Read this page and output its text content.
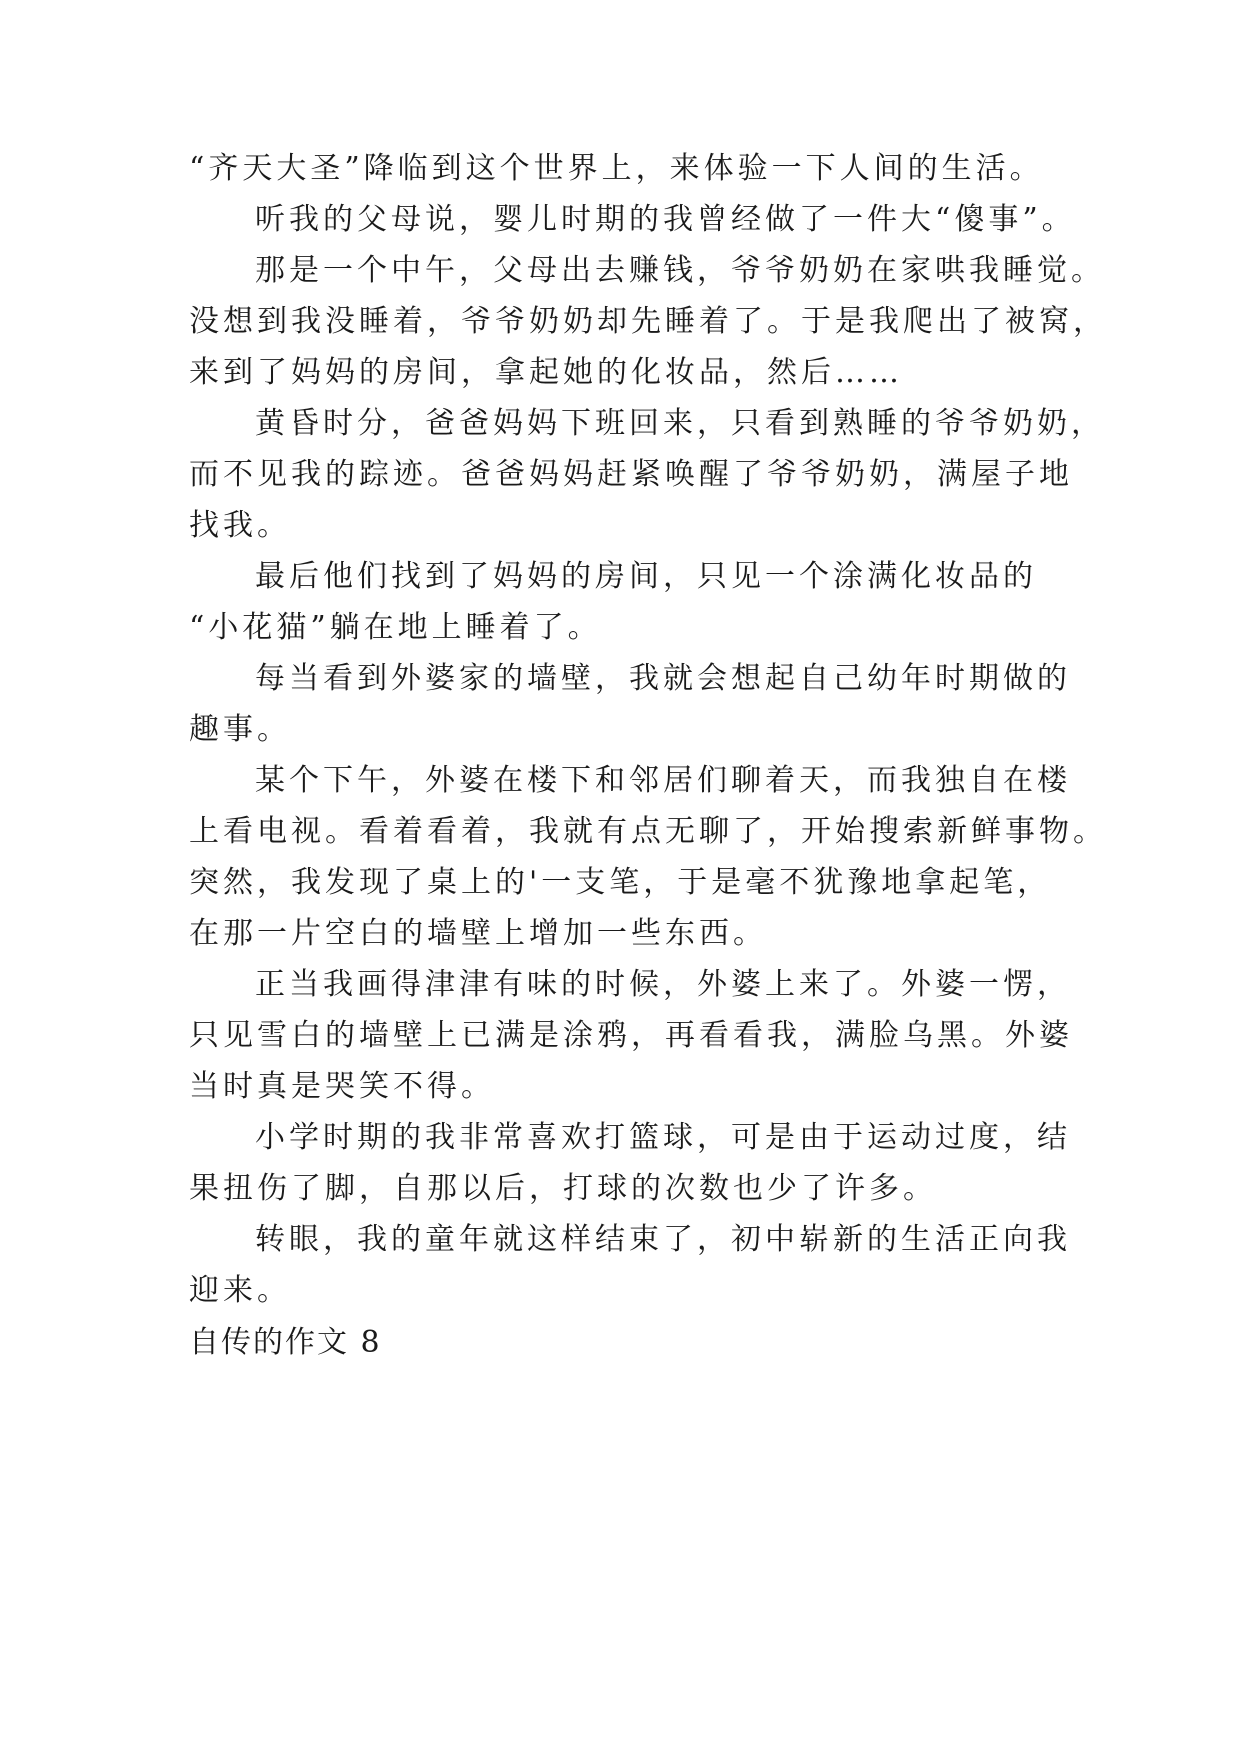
“齐天大圣”降临到这个世界上，来体验一下人间的生活。
听我的父母说，婴儿时期的我曾经做了一件大“傻事”。
那是一个中午，父母出去赚钱，爷爷奶奶在家哄我睡觉。
没想到我没睡着，爷爷奶奶却先睡着了。于是我爬出了被窝，
来到了妈妈的房间，拿起她的化妆品，然后……
黄昏时分，爸爸妈妈下班回来，只看到熟睡的爷爷奶奶，
而不见我的踪迹。爸爸妈妈赶紧唤醒了爷爷奶奶，满屋子地
找我。
最后他们找到了妈妈的房间，只见一个涂满化妆品的
“小花猫”躺在地上睡着了。
每当看到外婆家的墙壁，我就会想起自己幼年时期做的
趣事。
某个下午，外婆在楼下和邻居们聊着天，而我独自在楼
上看电视。看着看着，我就有点无聊了，开始搜索新鲜事物。
突然，我发现了桌上的'一支笔，于是毫不犹豫地拿起笔，
在那一片空白的墙壁上增加一些东西。
正当我画得津津有味的时候，外婆上来了。外婆一愣，
只见雪白的墙壁上已满是涂鸦，再看看我，满脸乌黑。外婆
当时真是哭笑不得。
小学时期的我非常喜欢打篮球，可是由于运动过度，结
果扭伤了脚，自那以后，打球的次数也少了许多。
转眼，我的童年就这样结束了，初中崭新的生活正向我
迎来。
自传的作文 8
